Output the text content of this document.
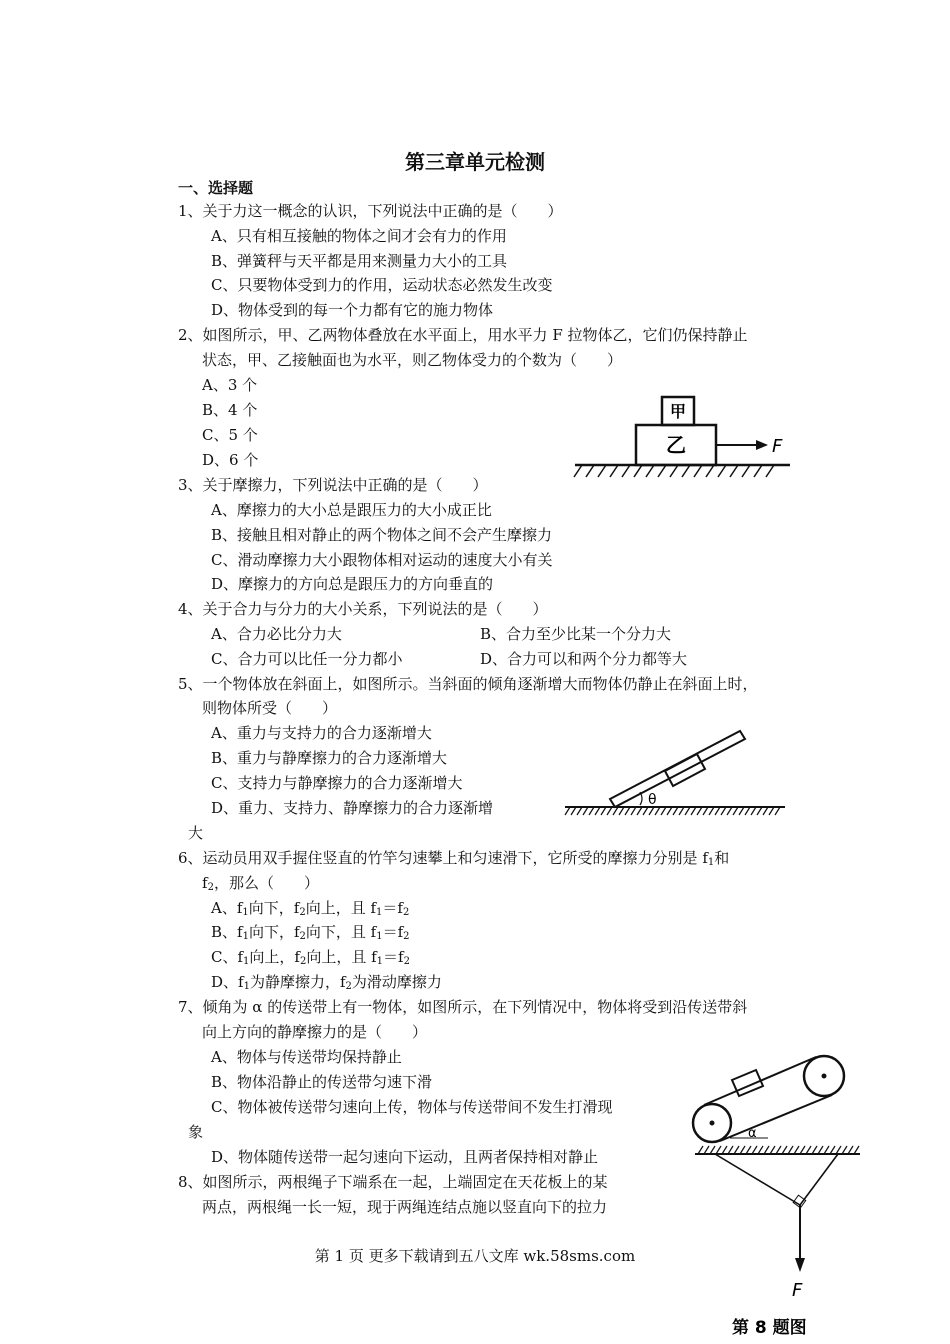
第三章单元检测
一、选择题
1、关于力这一概念的认识，下列说法中正确的是（　　）
A、只有相互接触的物体之间才会有力的作用
B、弹簧秤与天平都是用来测量力大小的工具
C、只要物体受到力的作用，运动状态必然发生改变
D、物体受到的每一个力都有它的施力物体
2、如图所示，甲、乙两物体叠放在水平面上，用水平力 F 拉物体乙，它们仍保持静止
状态，甲、乙接触面也为水平，则乙物体受力的个数为（　　）
A、3 个
B、4 个
C、5 个
D、6 个
甲
乙	F
3、关于摩擦力，下列说法中正确的是（　　）
A、摩擦力的大小总是跟压力的大小成正比
B、接触且相对静止的两个物体之间不会产生摩擦力
C、滑动摩擦力大小跟物体相对运动的速度大小有关
D、摩擦力的方向总是跟压力的方向垂直的
4、关于合力与分力的大小关系，下列说法的是（　　）
A、合力必比分力大	B、合力至少比某一个分力大
C、合力可以比任一分力都小	D、合力可以和两个分力都等大
5、一个物体放在斜面上，如图所示。当斜面的倾角逐渐增大而物体仍静止在斜面上时，
则物体所受（　　）
A、重力与支持力的合力逐渐增大
B、重力与静摩擦力的合力逐渐增大
C、支持力与静摩擦力的合力逐渐增大
D、重力、支持力、静摩擦力的合力逐渐增
大
θ
6、运动员用双手握住竖直的竹竿匀速攀上和匀速滑下，它所受的摩擦力分别是 $f_1$和
$f_2$，那么（　　）
A、$f_1$向下，$f_2$向上，且 $f_1=f_2$
B、$f_1$向下，$f_2$向下，且 $f_1=f_2$
C、$f_1$向上，$f_2$向上，且 $f_1=f_2$
D、$f_1$为静摩擦力，$f_2$为滑动摩擦力
7、倾角为 α 的传送带上有一物体，如图所示，在下列情况中，物体将受到沿传送带斜
向上方向的静摩擦力的是（　　）
A、物体与传送带均保持静止
B、物体沿静止的传送带匀速下滑
C、物体被传送带匀速向上传，物体与传送带间不发生打滑现
象
D、物体随传送带一起匀速向下运动，且两者保持相对静止
α
8、如图所示，两根绳子下端系在一起，上端固定在天花板上的某
两点，两根绳一长一短，现于两绳连结点施以竖直向下的拉力
F
第 8 题图
第 1 页 更多下载请到五八文库 wk.58sms.com
